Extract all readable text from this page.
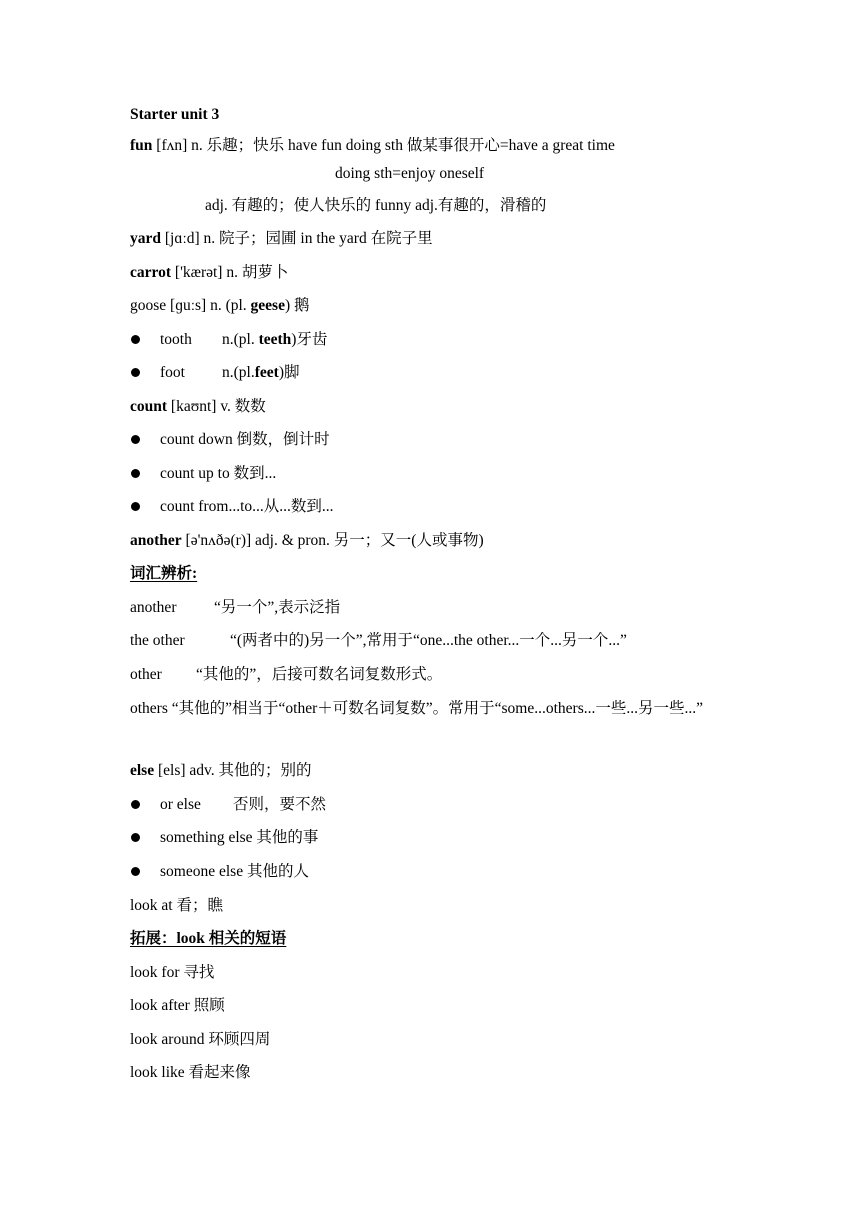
Starter unit 3
fun [fʌn] n. 乐趣；快乐 have fun doing sth 做某事很开心=have a great time
doing sth=enjoy oneself
adj. 有趣的；使人快乐的 funny adj.有趣的，滑稽的
yard [jɑːd] n. 院子；园圃 in the yard 在院子里
carrot ['kærət] n. 胡萝卜
goose [ɡuːs] n. (pl. geese) 鹅
tooth n.(pl. teeth)牙齿
foot n.(pl.feet)脚
count [kaʊnt] v. 数数
count down 倒数，倒计时
count up to 数到...
count from...to...从...数到...
another [ə'nʌðə(r)] adj. & pron. 另一；又一(人或事物)
词汇辨析:
another “另一个”,表示泛指
the other	“(两者中的)另一个”,常用于“one...the other...一个...另一个...”
other “其他的”，后接可数名词复数形式。
others “其他的”相当于“other＋可数名词复数”。常用于“some...others...一些...另一些...”
else [els] adv. 其他的；别的
or else 否则，要不然
something else 其他的事
someone else 其他的人
look at 看；瞧
拓展：look 相关的短语
look for 寻找
look after 照顾
look around 环顾四周
look like 看起来像
